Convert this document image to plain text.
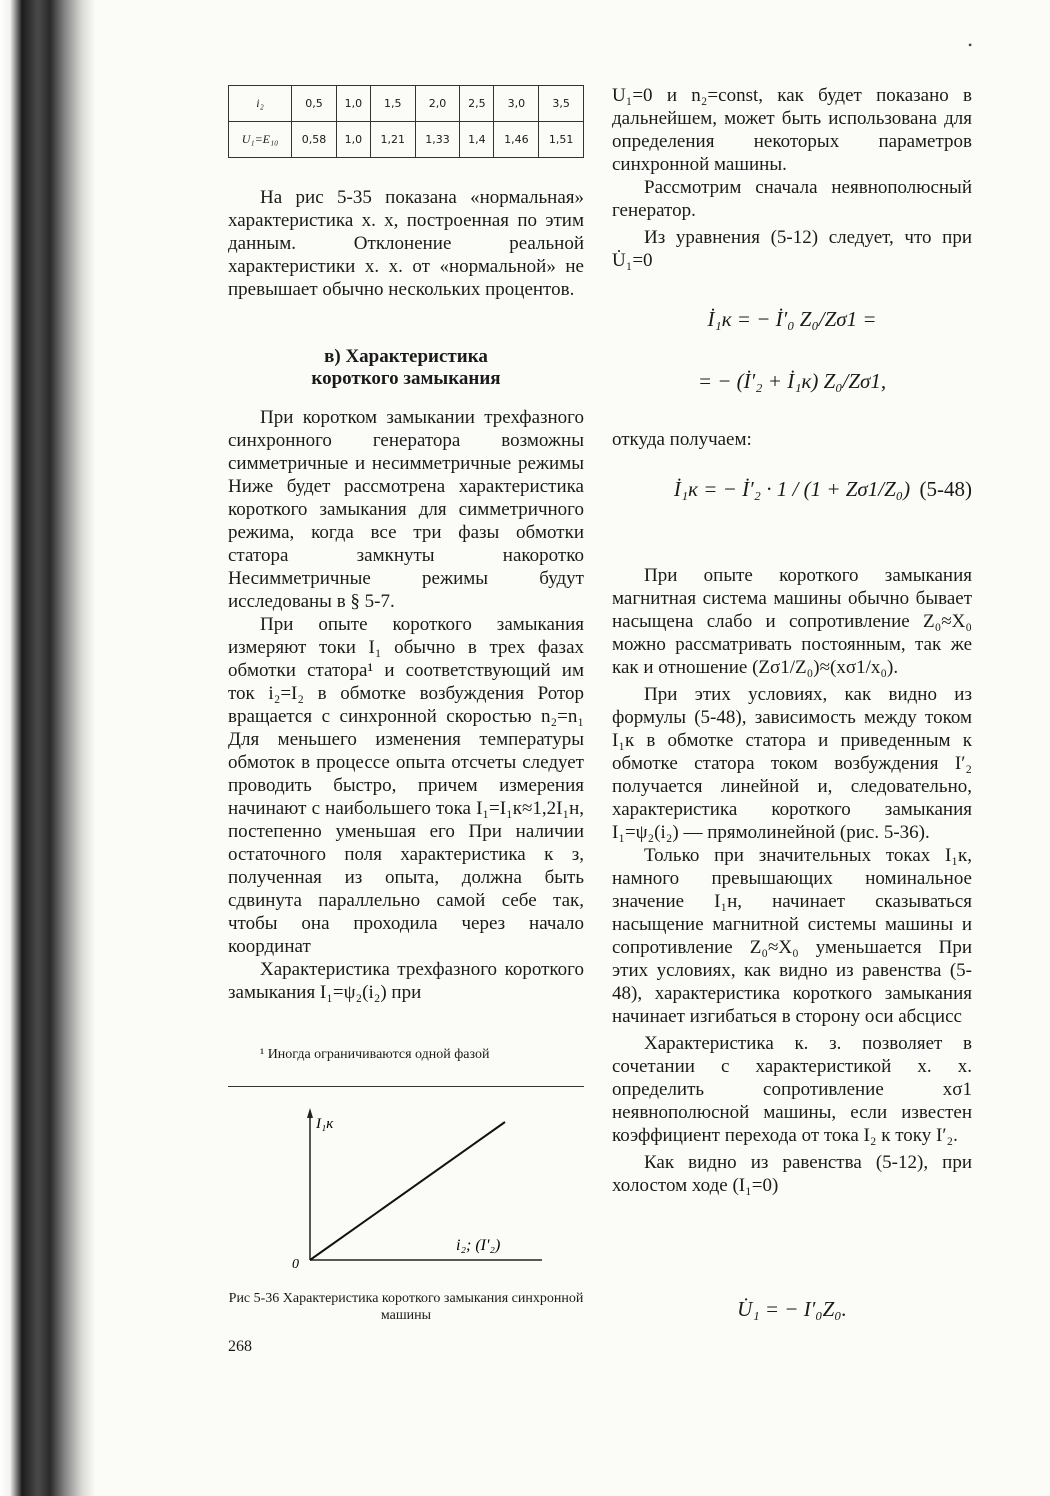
•
i₂	0,5	1,0	1,5	2,0	2,5	3,0	3,5
U₁=E₁₀	0,58	1,0	1,21	1,33	1,4	1,46	1,51

На рис 5-35 показана «нормальная» характеристика х. х, построенная по этим данным. Отклонение реальной характеристики х. х. от «нормальной» не превышает обычно нескольких процентов.

в) Характеристика

короткого замыкания

При коротком замыкании трехфазного синхронного генератора возможны симметричные и несимметричные режимы Ниже будет рассмотрена характеристика короткого замыкания для симметричного режима, когда все три фазы обмотки статора замкнуты накоротко Несимметричные режимы будут исследованы в § 5-7.

При опыте короткого замыкания измеряют токи I₁ обычно в трех фазах обмотки статора¹ и соответствующий им ток i₂=I₂ в обмотке возбуждения Ротор вращается с синхронной скоростью n₂=n₁ Для меньшего изменения температуры обмоток в процессе опыта отсчеты следует проводить быстро, причем измерения начинают с наибольшего тока I₁=I₁к≈1,2I₁н, постепенно уменьшая его При наличии остаточного поля характеристика к з, полученная из опыта, должна быть сдвинута параллельно самой себе так, чтобы она проходила через начало координат

Характеристика трехфазного короткого замыкания I₁=ψ₂(i₂) при

¹ Иногда ограничиваются одной фазой

I₁к
i₂; (I'₂)
0
Рис 5-36 Характеристика короткого замыкания синхронной машины
268

U₁=0 и n₂=const, как будет показано в дальнейшем, может быть использована для определения некоторых параметров синхронной машины.

Рассмотрим сначала неявнополюсный генератор.

Из уравнения (5-12) следует, что при U̇₁=0

İ₁к = − İ′₀ Z₀/Zσ1 =
= − (İ′₂ + İ₁к) Z₀/Zσ1,

откуда получаем:

İ₁к = − İ′₂ · 1 / (1 + Zσ1/Z₀) (5-48)

При опыте короткого замыкания магнитная система машины обычно бывает насыщена слабо и сопротивление Z₀≈X₀ можно рассматривать постоянным, так же как и отношение (Zσ1/Z₀)≈(xσ1/x₀).

При этих условиях, как видно из формулы (5-48), зависимость между током I₁к в обмотке статора и приведенным к обмотке статора током возбуждения I′₂ получается линейной и, следовательно, характеристика короткого замыкания I₁=ψ₂(i₂) — прямолинейной (рис. 5-36).

Только при значительных токах I₁к, намного превышающих номинальное значение I₁н, начинает сказываться насыщение магнитной системы машины и сопротивление Z₀≈X₀ уменьшается При этих условиях, как видно из равенства (5-48), характеристика короткого замыкания начинает изгибаться в сторону оси абсцисс

Характеристика к. з. позволяет в сочетании с характеристикой х. х. определить сопротивление xσ1 неявнополюсной машины, если известен коэффициент перехода от тока I₂ к току I′₂.

Как видно из равенства (5-12), при холостом ходе (I₁=0)

U̇₁ = − I′₀Z₀.
